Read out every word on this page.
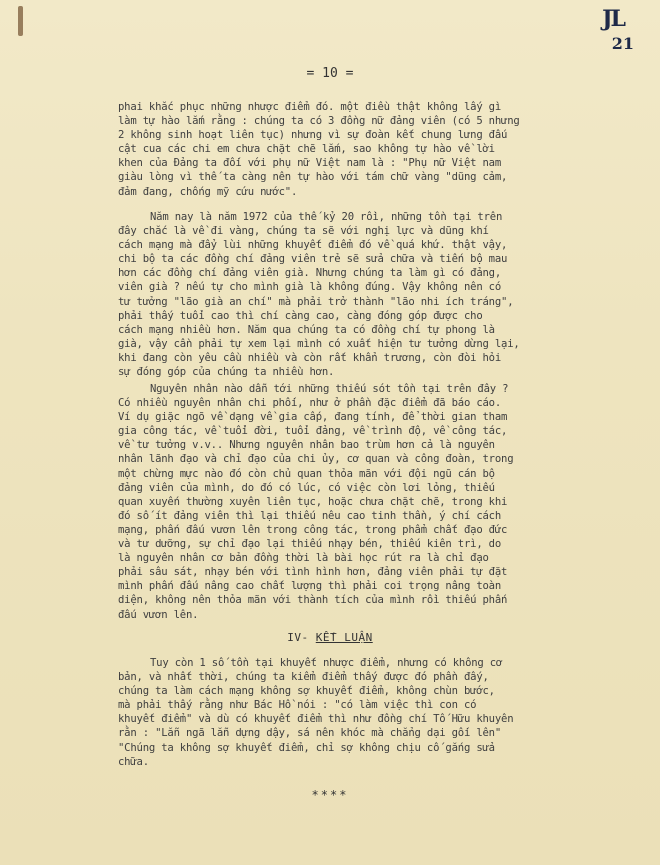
JL
21
= 10 =

phai khắc phục những nhược điểm đó. một điều thật không lấy gì

làm tự hào lắm rằng : chúng ta có 3 đồng nữ đảng viên (có 5 nhưng

2 không sinh hoạt liên tục) nhưng vì sự đoàn kết chung lưng đấu

cật cua các chi em chưa chặt chẽ lắm, sao không tự hào về lời

khen của Đảng ta đối với phụ nữ Việt nam là : "Phụ nữ Việt nam

giàu lòng vì thế ta càng nên tự hào với tám chữ vàng "dũng cảm,

đảm đang, chống mỹ cứu nước".

Năm nay là năm 1972 của thế kỷ 20 rồi, những tồn tại trên

đây chắc là về đi vàng, chúng ta sẽ với nghị lực và dũng khí

cách mạng mà đẩy lùi những khuyết điểm đó về quá khứ. thật vậy,

chi bộ ta các đồng chí đảng viên trẻ sẽ sửa chữa và tiến bộ mau

hơn các đồng chí đảng viên già. Nhưng chúng ta làm gì có đảng,

viên già ? nếu tự cho mình già là không đúng. Vậy không nên có

tư tưởng "lão già an chí" mà phải trở thành "lão nhi ích tráng",

phải thấy tuổi cao thì chí càng cao, càng đóng góp được cho

cách mạng nhiều hơn. Năm qua chúng ta có đồng chí tự phong là

già, vậy cần phải tự xem lại mình có xuất hiện tư tưởng dừng lại,

khi đang còn yêu cầu nhiều và còn rất khẩn trương, còn đòi hỏi

sự đóng góp của chúng ta nhiều hơn.

Nguyên nhân nào dẫn tới những thiếu sót tồn tại trên đây ?

Có nhiều nguyên nhân chi phối, như ở phần đặc điểm đã báo cáo.

Ví dụ giặc ngõ về dạng về gia cấp, đang tính, để thời gian tham

gia công tác, về tuổi đời, tuổi đảng, về trình độ, về công tác,

về tư tưởng v.v.. Nhưng nguyên nhân bao trùm hơn cả là nguyên

nhân lãnh đạo và chỉ đạo của chi ủy, cơ quan và công đoàn, trong

một chừng mực nào đó còn chủ quan thỏa mãn với đội ngũ cán bộ

đảng viên của mình, do đó có lúc, có việc còn lơi lỏng, thiếu

quan xuyến thường xuyên liên tục, hoặc chưa chặt chẽ, trong khi

đó số ít đảng viên thì lại thiếu nêu cao tinh thần, ý chí cách

mạng, phấn đấu vươn lên trong công tác, trong phẩm chất đạo đức

và tư dưỡng, sự chỉ đạo lại thiếu nhạy bén, thiếu kiên trì, do

là nguyên nhân cơ bản đồng thời là bài học rút ra là chỉ đạo

phải sâu sát, nhạy bén với tình hình hơn, đảng viên phải tự đặt

mình phấn đấu nâng cao chất lượng thì phải coi trọng nâng toàn

diện, không nên thỏa mãn với thành tích của mình rồi thiếu phấn

đấu vươn lên.

IV- KẾT LUẬN

Tuy còn 1 số tồn tại khuyết nhược điểm, nhưng có không cơ

bản, và nhất thời, chúng ta kiểm điểm thấy được đó phần đấy,

chúng ta làm cách mạng không sợ khuyết điểm, không chùn bước,

mà phải thấy rằng như Bác Hồ nói : "có làm việc thì con có

khuyết điểm" và dù có khuyết điểm thì như đồng chí Tố Hữu khuyên

rằn : "Lẵn ngã lẵn dựng dậy, sá nên khóc mà chẳng dại gối lên"

"Chúng ta không sợ khuyết điểm, chỉ sợ không chịu cố gắng sửa

chữa.

****
